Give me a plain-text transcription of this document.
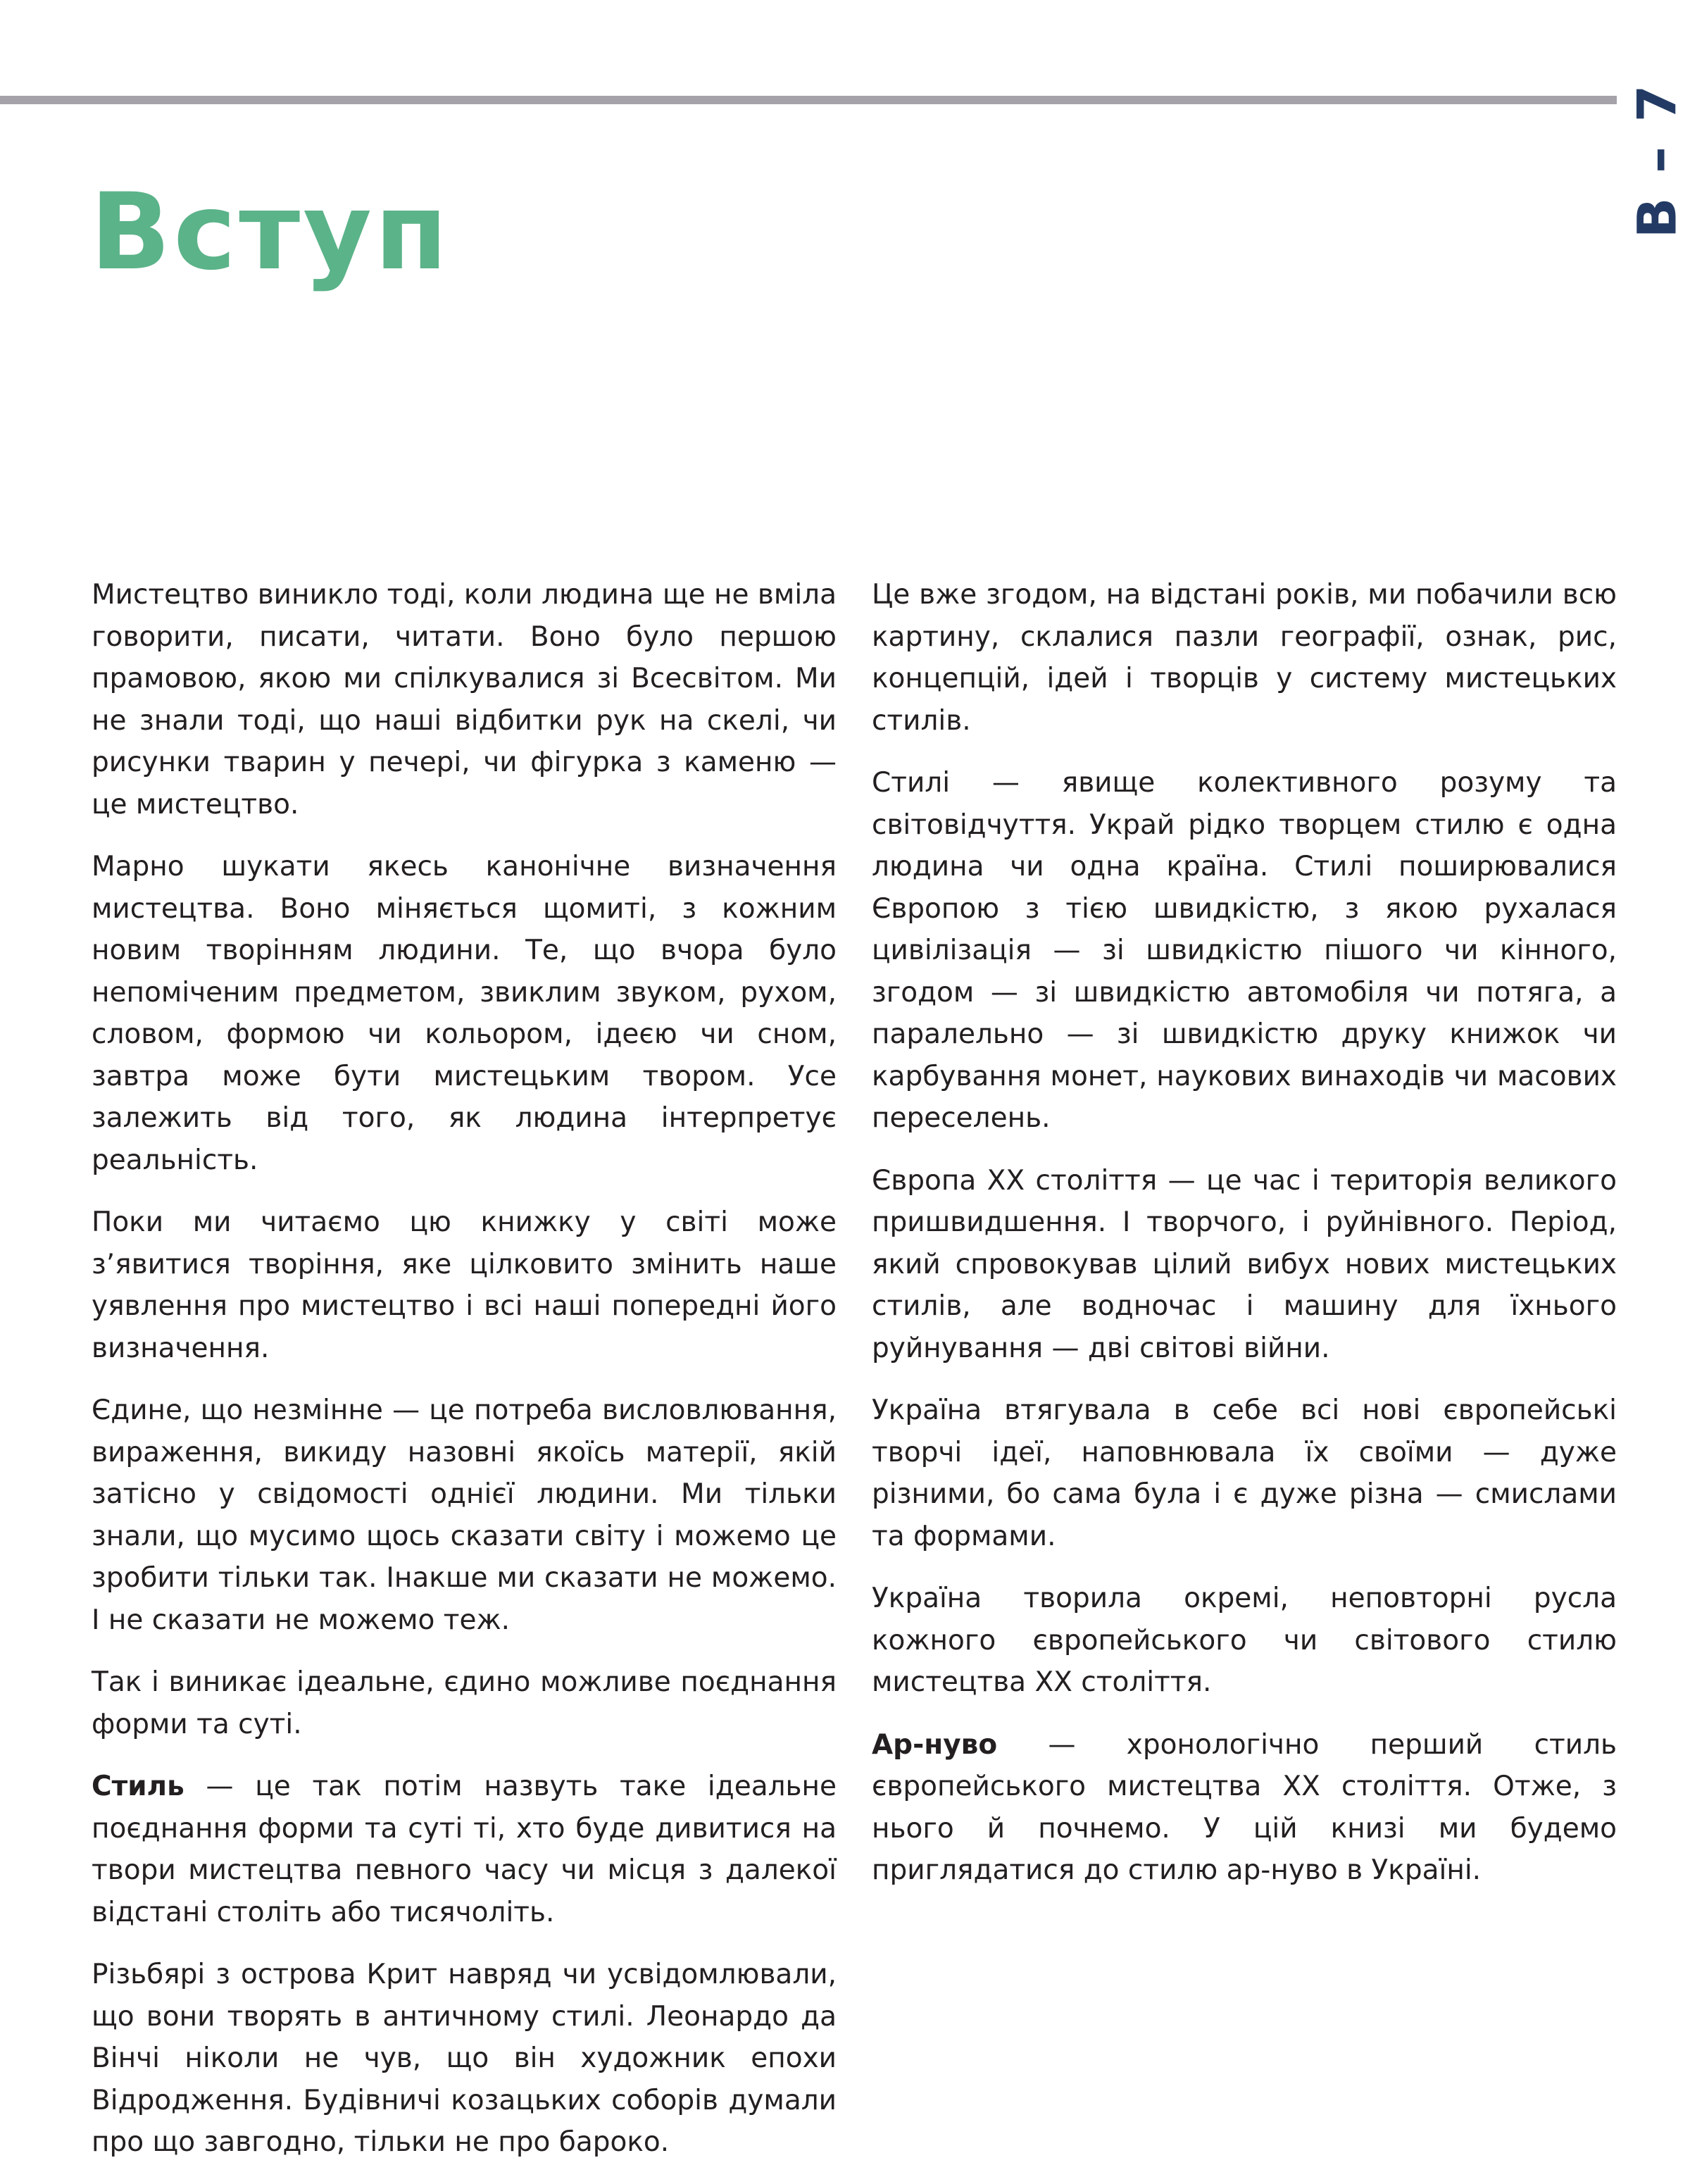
B – 7
Вступ

Мистецтво виникло тоді, коли людина ще не вміла говорити, писати, читати. Воно було першою прамовою, якою ми спілкувалися зі Всесвітом. Ми не знали тоді, що наші відбитки рук на скелі, чи рисунки тварин у печері, чи фігурка з каменю — це мистецтво.

Марно шукати якесь канонічне визначення мистецтва. Воно міняється щомиті, з кожним новим творінням людини. Те, що вчора було непоміченим предметом, звиклим звуком, рухом, словом, формою чи кольором, ідеєю чи сном, завтра може бути мистецьким твором. Усе залежить від того, як людина інтерпретує реальність.

Поки ми читаємо цю книжку у світі може з’явитися творіння, яке цілковито змінить наше уявлення про мистецтво і всі наші попередні його визначення.

Єдине, що незмінне — це потреба висловлювання, вираження, викиду назовні якоїсь матерії, якій затісно у свідомості однієї людини. Ми тільки знали, що мусимо щось сказати світу і можемо це зробити тільки так. Інакше ми сказати не можемо. І не сказати не можемо теж.

Так і виникає ідеальне, єдино можливе поєднання форми та суті.

Стиль — це так потім назвуть таке ідеальне поєднання форми та суті ті, хто буде дивитися на твори мистецтва певного часу чи місця з далекої відстані століть або тисячоліть.

Різьбярі з острова Крит навряд чи усвідомлювали, що вони творять в античному стилі. Леонардо да Вінчі ніколи не чув, що він художник епохи Відродження. Будівничі козацьких соборів думали про що завгодно, тільки не про бароко.

Це вже згодом, на відстані років, ми побачили всю картину, склалися пазли географії, ознак, рис, концепцій, ідей і творців у систему мистецьких стилів.

Стилі — явище колективного розуму та світовідчуття. Украй рідко творцем стилю є одна людина чи одна країна. Стилі поширювалися Європою з тією швидкістю, з якою рухалася цивілізація — зі швидкістю пішого чи кінного, згодом — зі швидкістю автомобіля чи потяга, а паралельно — зі швидкістю друку книжок чи карбування монет, наукових винаходів чи масових переселень.

Європа XX століття — це час і територія великого пришвидшення. І творчого, і руйнівного. Період, який спровокував цілий вибух нових мистецьких стилів, але водночас і машину для їхнього руйнування — дві світові війни.

Україна втягувала в себе всі нові європейські творчі ідеї, наповнювала їх своїми — дуже різними, бо сама була і є дуже різна — смислами та формами.

Україна творила окремі, неповторні русла кожного європейського чи світового стилю мистецтва XX століття.

Ар-нуво — хронологічно перший стиль європейського мистецтва XX століття. Отже, з нього й почнемо. У цій книзі ми будемо приглядатися до стилю ар-нуво в Україні.
